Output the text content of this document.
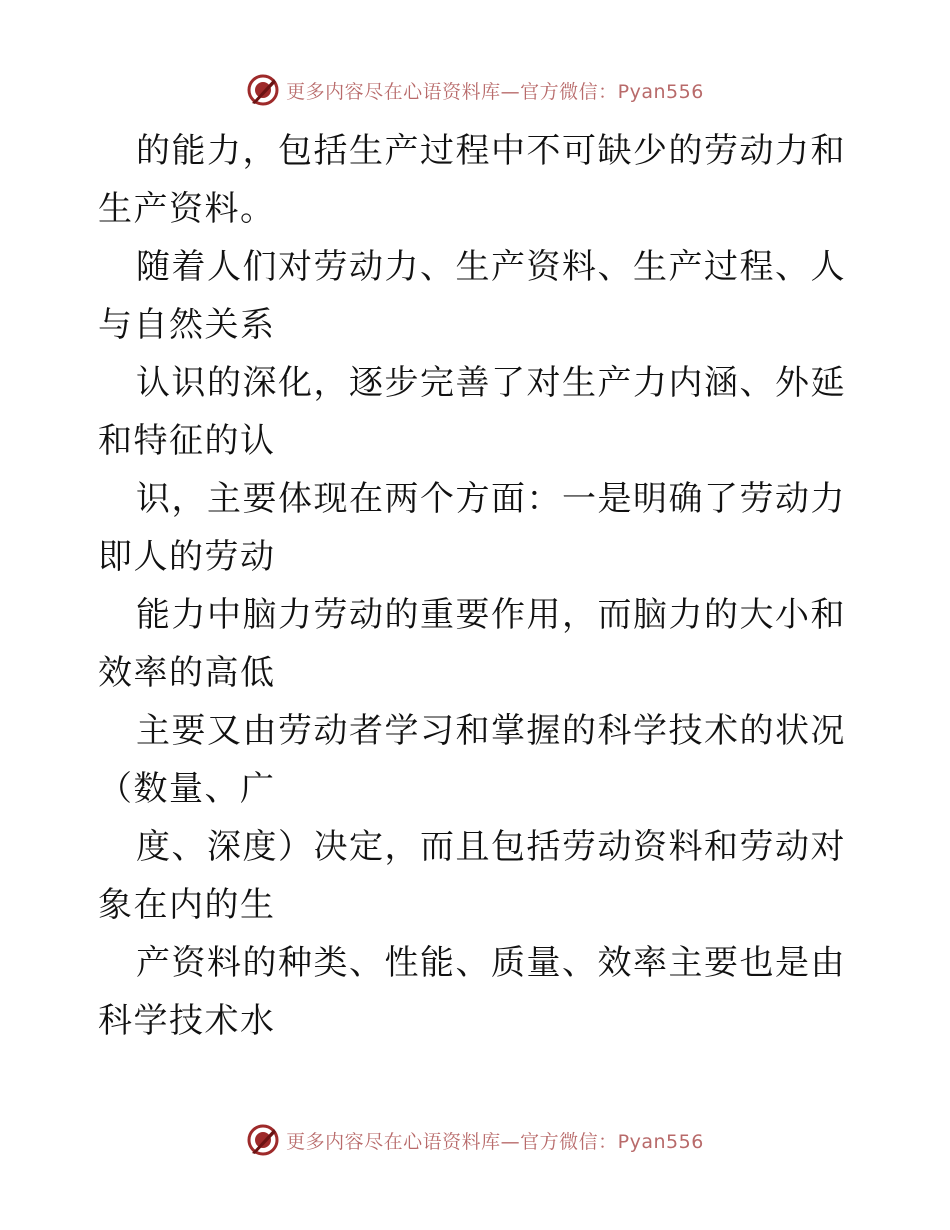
更多内容尽在心语资料库—官方微信：Pyan556

的能力，包括生产过程中不可缺少的劳动力和生产资料。

随着人们对劳动力、生产资料、生产过程、人与自然关系

认识的深化，逐步完善了对生产力内涵、外延和特征的认

识，主要体现在两个方面：一是明确了劳动力即人的劳动

能力中脑力劳动的重要作用，而脑力的大小和效率的高低

主要又由劳动者学习和掌握的科学技术的状况（数量、广

度、深度）决定，而且包括劳动资料和劳动对象在内的生

产资料的种类、性能、质量、效率主要也是由科学技术水

更多内容尽在心语资料库—官方微信：Pyan556
